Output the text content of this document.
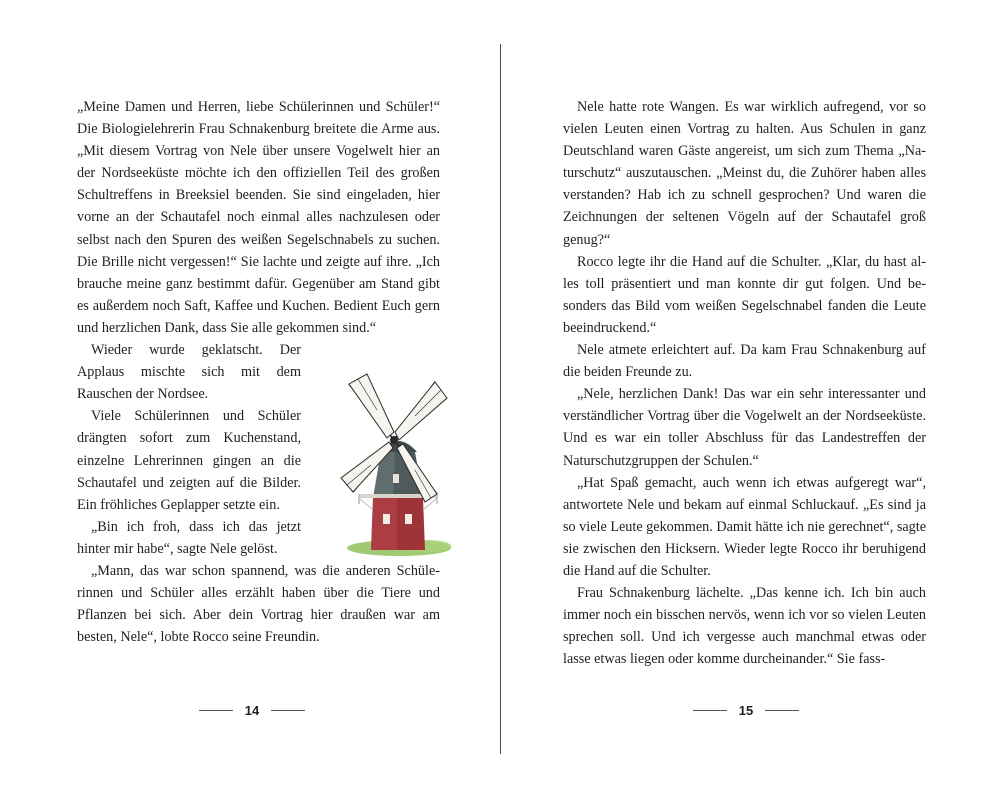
„Meine Damen und Herren, liebe Schülerinnen und Schüler!“ Die Biologielehrerin Frau Schnakenburg breitete die Arme aus. „Mit diesem Vortrag von Nele über unsere Vogelwelt hier an der Nordseeküste möchte ich den offiziellen Teil des großen Schultreffens in Breeksiel beenden. Sie sind eingeladen, hier vorne an der Schautafel noch einmal alles nachzulesen oder selbst nach den Spuren des weißen Segelschnabels zu suchen. Die Brille nicht vergessen!“ Sie lachte und zeigte auf ihre. „Ich brauche meine ganz bestimmt dafür. Gegenüber am Stand gibt es außerdem noch Saft, Kaffee und Kuchen. Bedient Euch gern und herzlichen Dank, dass Sie alle gekommen sind.“

Wieder wurde geklatscht. Der Applaus mischte sich mit dem Rauschen der Nordsee.

Viele Schülerinnen und Schüler drängten sofort zum Kuchenstand, einzelne Lehrerinnen gingen an die Schautafel und zeigten auf die Bilder. Ein fröhliches Geplapper setzte ein.

„Bin ich froh, dass ich das jetzt hinter mir habe“, sagte Nele gelöst.

„Mann, das war schon spannend, was die anderen Schülerinnen und Schüler alles erzählt haben über die Tiere und Pflanzen bei sich. Aber dein Vortrag hier draußen war am besten, Nele“, lobte Rocco seine Freundin.

Nele hatte rote Wangen. Es war wirklich aufregend, vor so vielen Leuten einen Vortrag zu halten. Aus Schulen in ganz Deutschland waren Gäste angereist, um sich zum Thema „Naturschutz“ auszutauschen. „Meinst du, die Zuhörer haben alles verstanden? Hab ich zu schnell gesprochen? Und waren die Zeichnungen der seltenen Vögeln auf der Schautafel groß genug?“

Rocco legte ihr die Hand auf die Schulter. „Klar, du hast alles toll präsentiert und man konnte dir gut folgen. Und besonders das Bild vom weißen Segelschnabel fanden die Leute beeindruckend.“

Nele atmete erleichtert auf. Da kam Frau Schnakenburg auf die beiden Freunde zu.

„Nele, herzlichen Dank! Das war ein sehr interessanter und verständlicher Vortrag über die Vogelwelt an der Nordseeküste. Und es war ein toller Abschluss für das Landestreffen der Naturschutzgruppen der Schulen.“

„Hat Spaß gemacht, auch wenn ich etwas aufgeregt war“, antwortete Nele und bekam auf einmal Schluckauf. „Es sind ja so viele Leute gekommen. Damit hätte ich nie gerechnet“, sagte sie zwischen den Hicksern. Wieder legte Rocco ihr beruhigend die Hand auf die Schulter.

Frau Schnakenburg lächelte. „Das kenne ich. Ich bin auch immer noch ein bisschen nervös, wenn ich vor so vielen Leuten sprechen soll. Und ich vergesse auch manchmal etwas oder lasse etwas liegen oder komme durcheinander.“ Sie fass-

14	15
